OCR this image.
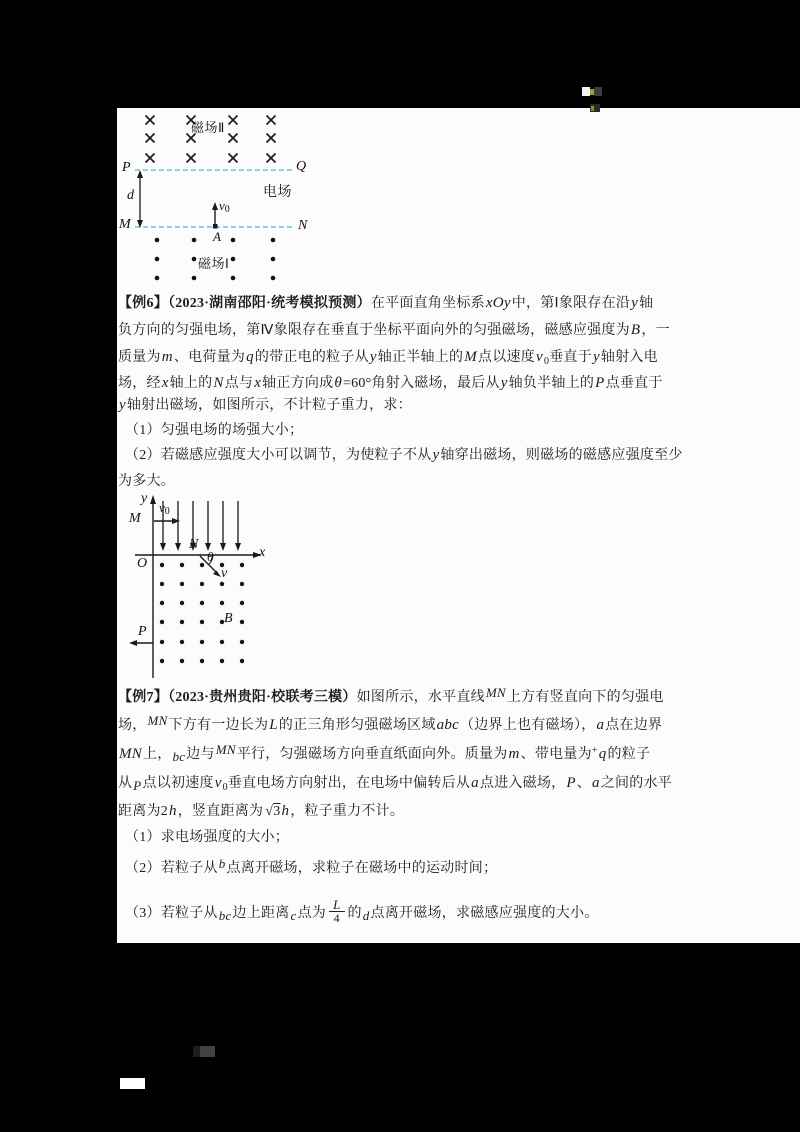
磁场Ⅱ
P	Q
d	电场
M	N
v0
A
磁场Ⅰ
y
x
O
M
v0
N
θ
v
B
P
【例6】（2023·湖南邵阳·统考模拟预测）在平面直角坐标系xOy中，第Ⅰ象限存在沿y轴
负方向的匀强电场，第Ⅳ象限存在垂直于坐标平面向外的匀强磁场，磁感应强度为B，一
质量为m、电荷量为q的带正电的粒子从y轴正半轴上的M点以速度$v_0$垂直于y轴射入电
场，经x轴上的N点与x轴正方向成θ=60°角射入磁场，最后从y轴负半轴上的P点垂直于
y轴射出磁场，如图所示，不计粒子重力，求：
（1）匀强电场的场强大小；
（2）若磁感应强度大小可以调节，为使粒子不从y轴穿出磁场，则磁场的磁感应强度至少
为多大。
【例7】（2023·贵州贵阳·校联考三模）如图所示，水平直线MN上方有竖直向下的匀强电
场，MN下方有一边长为L的正三角形匀强磁场区域abc（边界上也有磁场），a点在边界
MN上，bc边与MN平行，匀强磁场方向垂直纸面向外。质量为m、带电量为+q的粒子
从P点以初速度$v_0$垂直电场方向射出，在电场中偏转后从a点进入磁场，P、a之间的水平
距离为2h，竖直距离为 √3h，粒子重力不计。
（1）求电场强度的大小；
（2）若粒子从b点离开磁场，求粒子在磁场中的运动时间；
（3）若粒子从bc边上距离c点为 $\frac{L}{4}$ 的d点离开磁场，求磁感应强度的大小。
